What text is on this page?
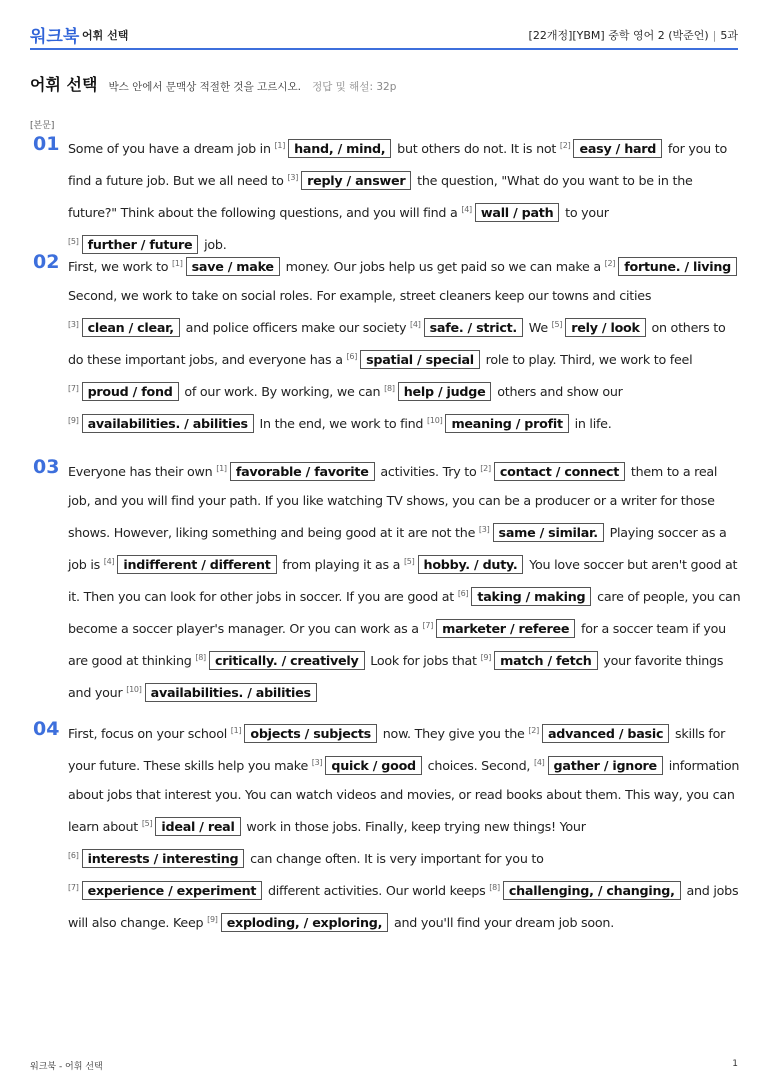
워크북 어휘 선택	[22개정][YBM] 중학 영어 2 (박준언) | 5과
어휘 선택 박스 안에서 문맥상 적절한 것을 고르시오. 정답 및 해설: 32p
[본문]
01 Some of you have a dream job in [1] hand, / mind, but others do not. It is not [2] easy / hard for you to find a future job. But we all need to [3] reply / answer the question, "What do you want to be in the future?" Think about the following questions, and you will find a [4] wall / path to your [5] further / future job.
02 First, we work to [1] save / make money. Our jobs help us get paid so we can make a [2] fortune. / living Second, we work to take on social roles. For example, street cleaners keep our towns and cities [3] clean / clear, and police officers make our society [4] safe. / strict. We [5] rely / look on others to do these important jobs, and everyone has a [6] spatial / special role to play. Third, we work to feel [7] proud / fond of our work. By working, we can [8] help / judge others and show our [9] availabilities. / abilities In the end, we work to find [10] meaning / profit in life.
03 Everyone has their own [1] favorable / favorite activities. Try to [2] contact / connect them to a real job, and you will find your path. If you like watching TV shows, you can be a producer or a writer for those shows. However, liking something and being good at it are not the [3] same / similar. Playing soccer as a job is [4] indifferent / different from playing it as a [5] hobby. / duty. You love soccer but aren't good at it. Then you can look for other jobs in soccer. If you are good at [6] taking / making care of people, you can become a soccer player's manager. Or you can work as a [7] marketer / referee for a soccer team if you are good at thinking [8] critically. / creatively Look for jobs that [9] match / fetch your favorite things and your [10] availabilities. / abilities
04 First, focus on your school [1] objects / subjects now. They give you the [2] advanced / basic skills for your future. These skills help you make [3] quick / good choices. Second, [4] gather / ignore information about jobs that interest you. You can watch videos and movies, or read books about them. This way, you can learn about [5] ideal / real work in those jobs. Finally, keep trying new things! Your [6] interests / interesting can change often. It is very important for you to [7] experience / experiment different activities. Our world keeps [8] challenging, / changing, and jobs will also change. Keep [9] exploding, / exploring, and you'll find your dream job soon.
워크북 - 어휘 선택	1
